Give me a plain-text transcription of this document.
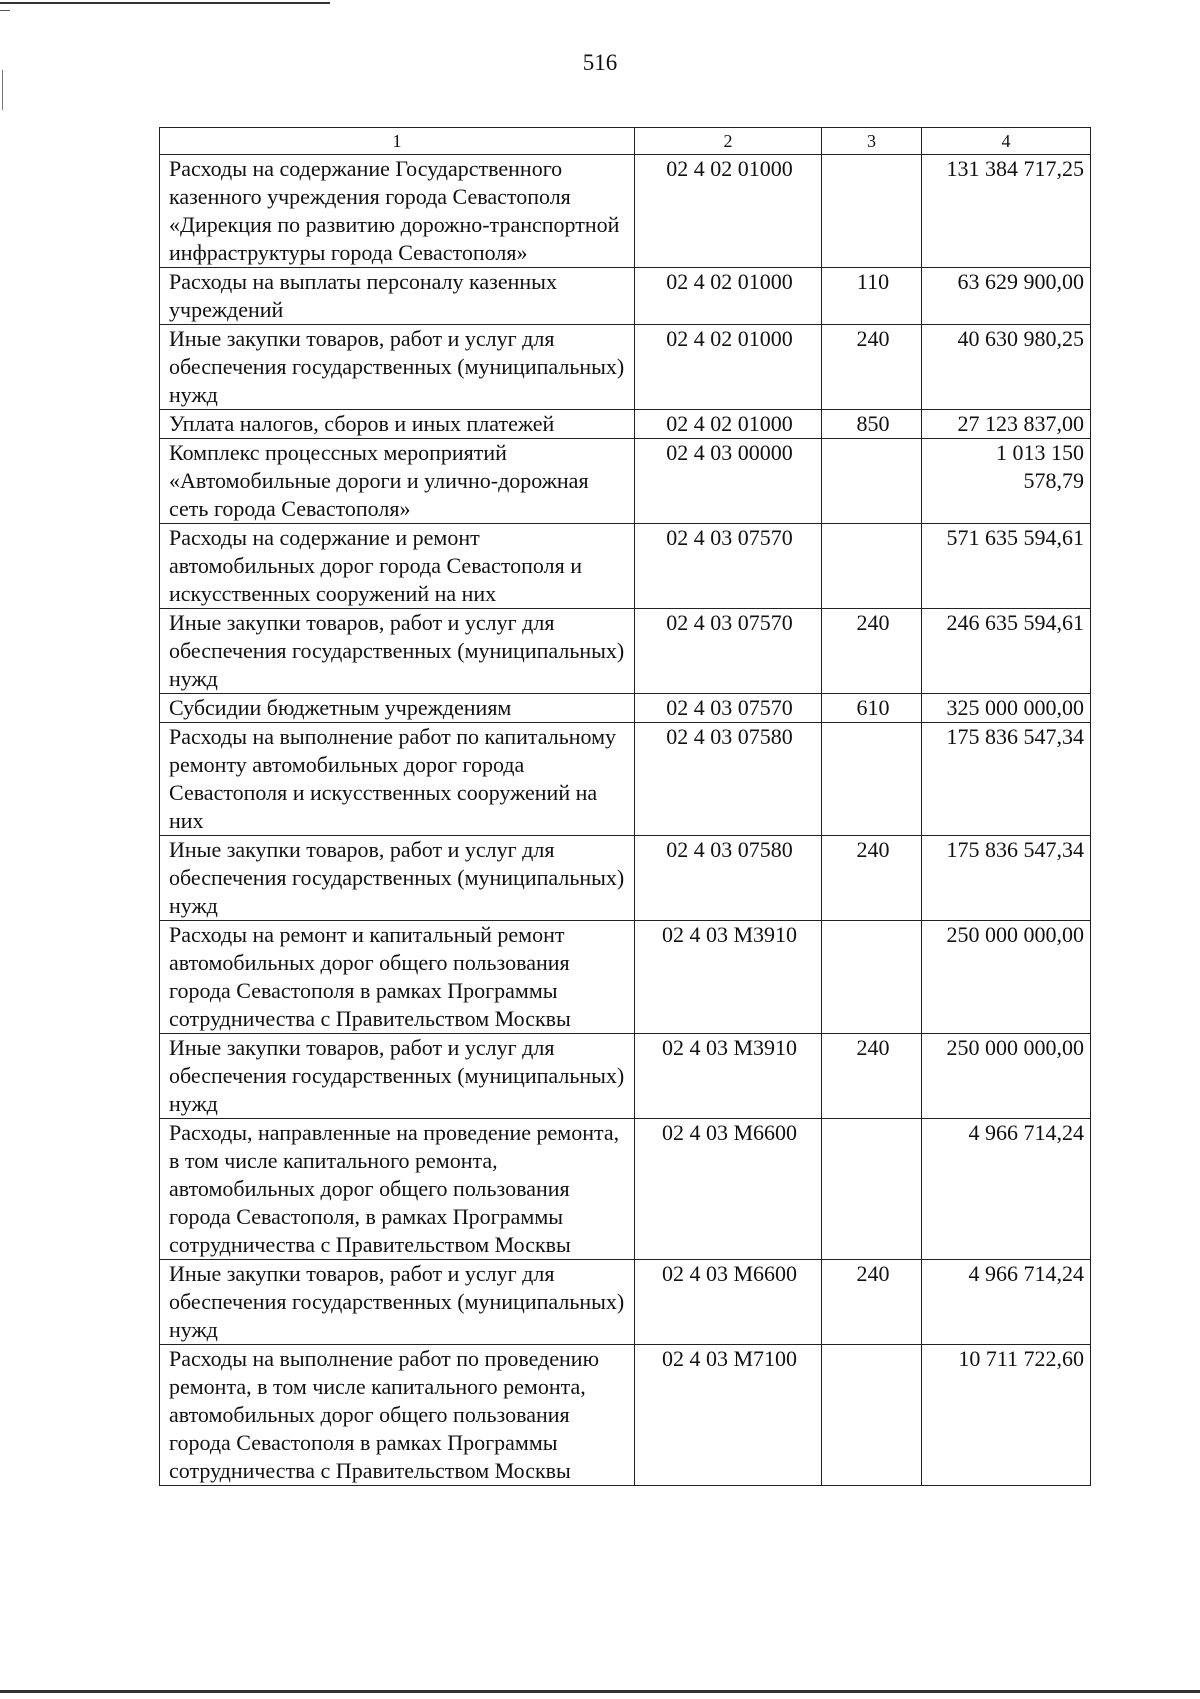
516
1	2	3	4
Расходы на содержание Государственного казенного учреждения города Севастополя «Дирекция по развитию дорожно-транспортной инфраструктуры города Севастополя»	02 4 02 01000		131 384 717,25
Расходы на выплаты персоналу казенных учреждений	02 4 02 01000	110	63 629 900,00
Иные закупки товаров, работ и услуг для обеспечения государственных (муниципальных) нужд	02 4 02 01000	240	40 630 980,25
Уплата налогов, сборов и иных платежей	02 4 02 01000	850	27 123 837,00
Комплекс процессных мероприятий «Автомобильные дороги и улично-дорожная сеть города Севастополя»	02 4 03 00000		1 013 150 578,79
Расходы на содержание и ремонт автомобильных дорог города Севастополя и искусственных сооружений на них	02 4 03 07570		571 635 594,61
Иные закупки товаров, работ и услуг для обеспечения государственных (муниципальных) нужд	02 4 03 07570	240	246 635 594,61
Субсидии бюджетным учреждениям	02 4 03 07570	610	325 000 000,00
Расходы на выполнение работ по капитальному ремонту автомобильных дорог города Севастополя и искусственных сооружений на них	02 4 03 07580		175 836 547,34
Иные закупки товаров, работ и услуг для обеспечения государственных (муниципальных) нужд	02 4 03 07580	240	175 836 547,34
Расходы на ремонт и капитальный ремонт автомобильных дорог общего пользования города Севастополя в рамках Программы сотрудничества с Правительством Москвы	02 4 03 М3910		250 000 000,00
Иные закупки товаров, работ и услуг для обеспечения государственных (муниципальных) нужд	02 4 03 М3910	240	250 000 000,00
Расходы, направленные на проведение ремонта, в том числе капитального ремонта, автомобильных дорог общего пользования города Севастополя, в рамках Программы сотрудничества с Правительством Москвы	02 4 03 М6600		4 966 714,24
Иные закупки товаров, работ и услуг для обеспечения государственных (муниципальных) нужд	02 4 03 М6600	240	4 966 714,24
Расходы на выполнение работ по проведению ремонта, в том числе капитального ремонта, автомобильных дорог общего пользования города Севастополя в рамках Программы сотрудничества с Правительством Москвы	02 4 03 М7100		10 711 722,60
